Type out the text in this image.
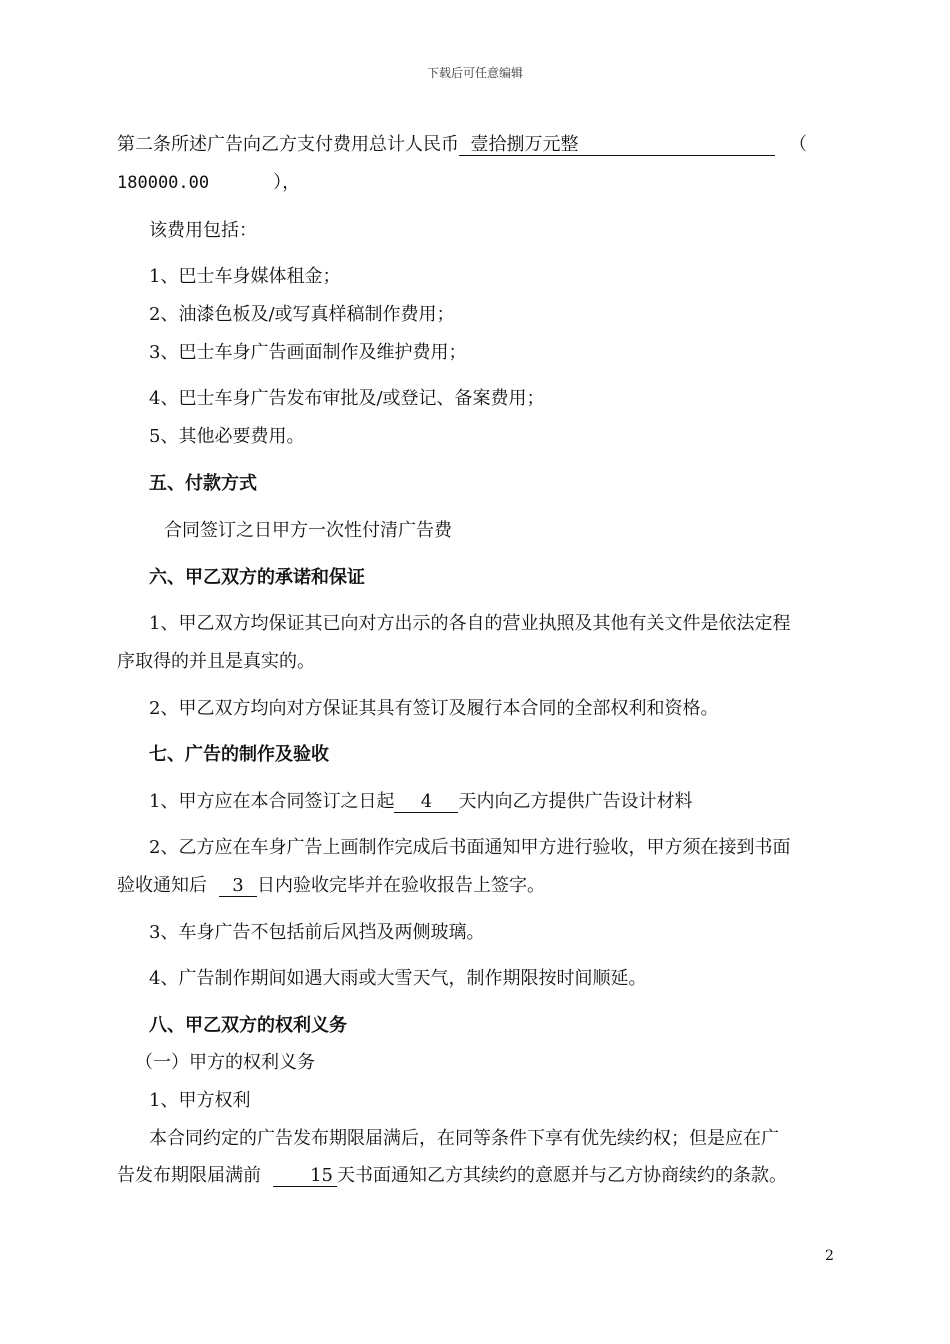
下载后可任意编辑
第二条所述广告向乙方支付费用总计人民币 壹拾捌万元整	（
180000.00	），
该费用包括：
1、巴士车身媒体租金；
2、油漆色板及/或写真样稿制作费用；
3、巴士车身广告画面制作及维护费用；
4、巴士车身广告发布审批及/或登记、备案费用；
5、其他必要费用。
五、付款方式
合同签订之日甲方一次性付清广告费
六、甲乙双方的承诺和保证
1、甲乙双方均保证其已向对方出示的各自的营业执照及其他有关文件是依法定程
序取得的并且是真实的。
2、甲乙双方均向对方保证其具有签订及履行本合同的全部权利和资格。
七、广告的制作及验收
1、甲方应在本合同签订之日起 4 天内向乙方提供广告设计材料
2、乙方应在车身广告上画制作完成后书面通知甲方进行验收，甲方须在接到书面
验收通知后 3 日内验收完毕并在验收报告上签字。
3、车身广告不包括前后风挡及两侧玻璃。
4、广告制作期间如遇大雨或大雪天气，制作期限按时间顺延。
八、甲乙双方的权利义务
（一）甲方的权利义务
1、甲方权利
本合同约定的广告发布期限届满后，在同等条件下享有优先续约权；但是应在广
告发布期限届满前	15 天书面通知乙方其续约的意愿并与乙方协商续约的条款。
2
